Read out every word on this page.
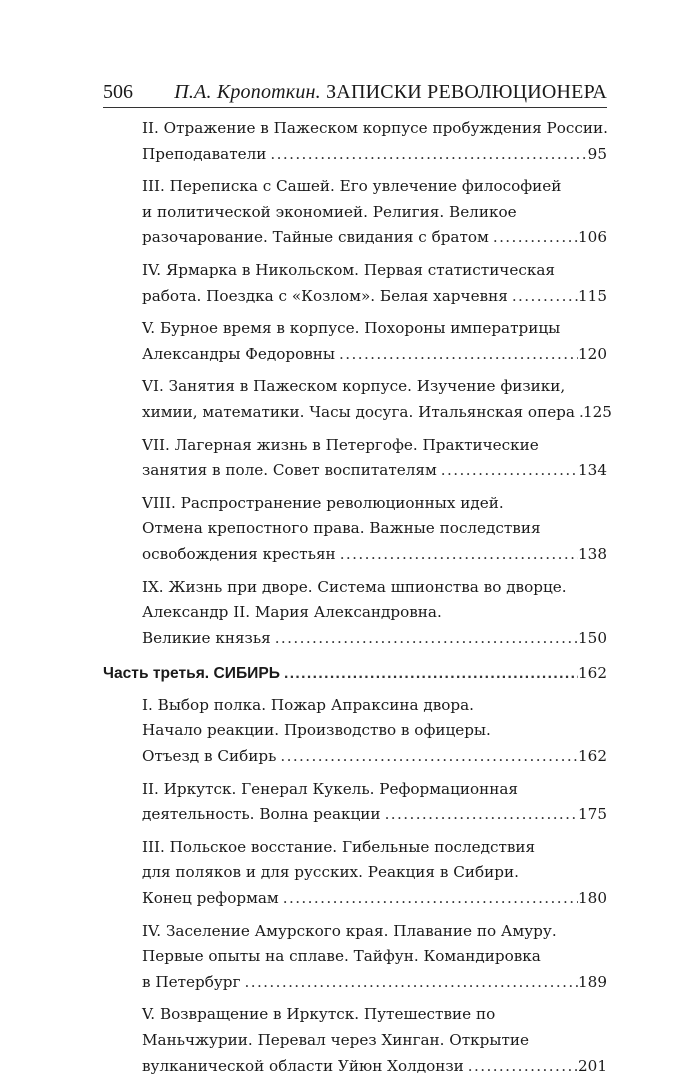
506 П.А. Кропоткин. ЗАПИСКИ РЕВОЛЮЦИОНЕРА
II. Отражение в Пажеском корпусе пробуждения России.
Преподаватели .....	95
III. Переписка с Сашей. Его увлечение философией
и политической экономией. Религия. Великое
разочарование. Тайные свидания с братом .....	106
IV. Ярмарка в Никольском. Первая статистическая
работа. Поездка с «Козлом». Белая харчевня .....	115
V. Бурное время в корпусе. Похороны императрицы
Александры Федоровны .....	120
VI. Занятия в Пажеском корпусе. Изучение физики,
химии, математики. Часы досуга. Итальянская опера ..... 125
VII. Лагерная жизнь в Петергофе. Практические
занятия в поле. Совет воспитателям .....	134
VIII. Распространение революционных идей.
Отмена крепостного права. Важные последствия
освобождения крестьян .....	138
IX. Жизнь при дворе. Система шпионства во дворце.
Александр II. Мария Александровна.
Великие князья .....	150
Часть третья. СИБИРЬ .....	162
I. Выбор полка. Пожар Апраксина двора.
Начало реакции. Производство в офицеры.
Отъезд в Сибирь .....	162
II. Иркутск. Генерал Кукель. Реформационная
деятельность. Волна реакции .....	175
III. Польское восстание. Гибельные последствия
для поляков и для русских. Реакция в Сибири.
Конец реформам .....	180
IV. Заселение Амурского края. Плавание по Амуру.
Первые опыты на сплаве. Тайфун. Командировка
в Петербург .....	189
V. Возвращение в Иркутск. Путешествие по
Маньчжурии. Перевал через Хинган. Открытие
вулканической области Уйюн Холдонзи .....	201
